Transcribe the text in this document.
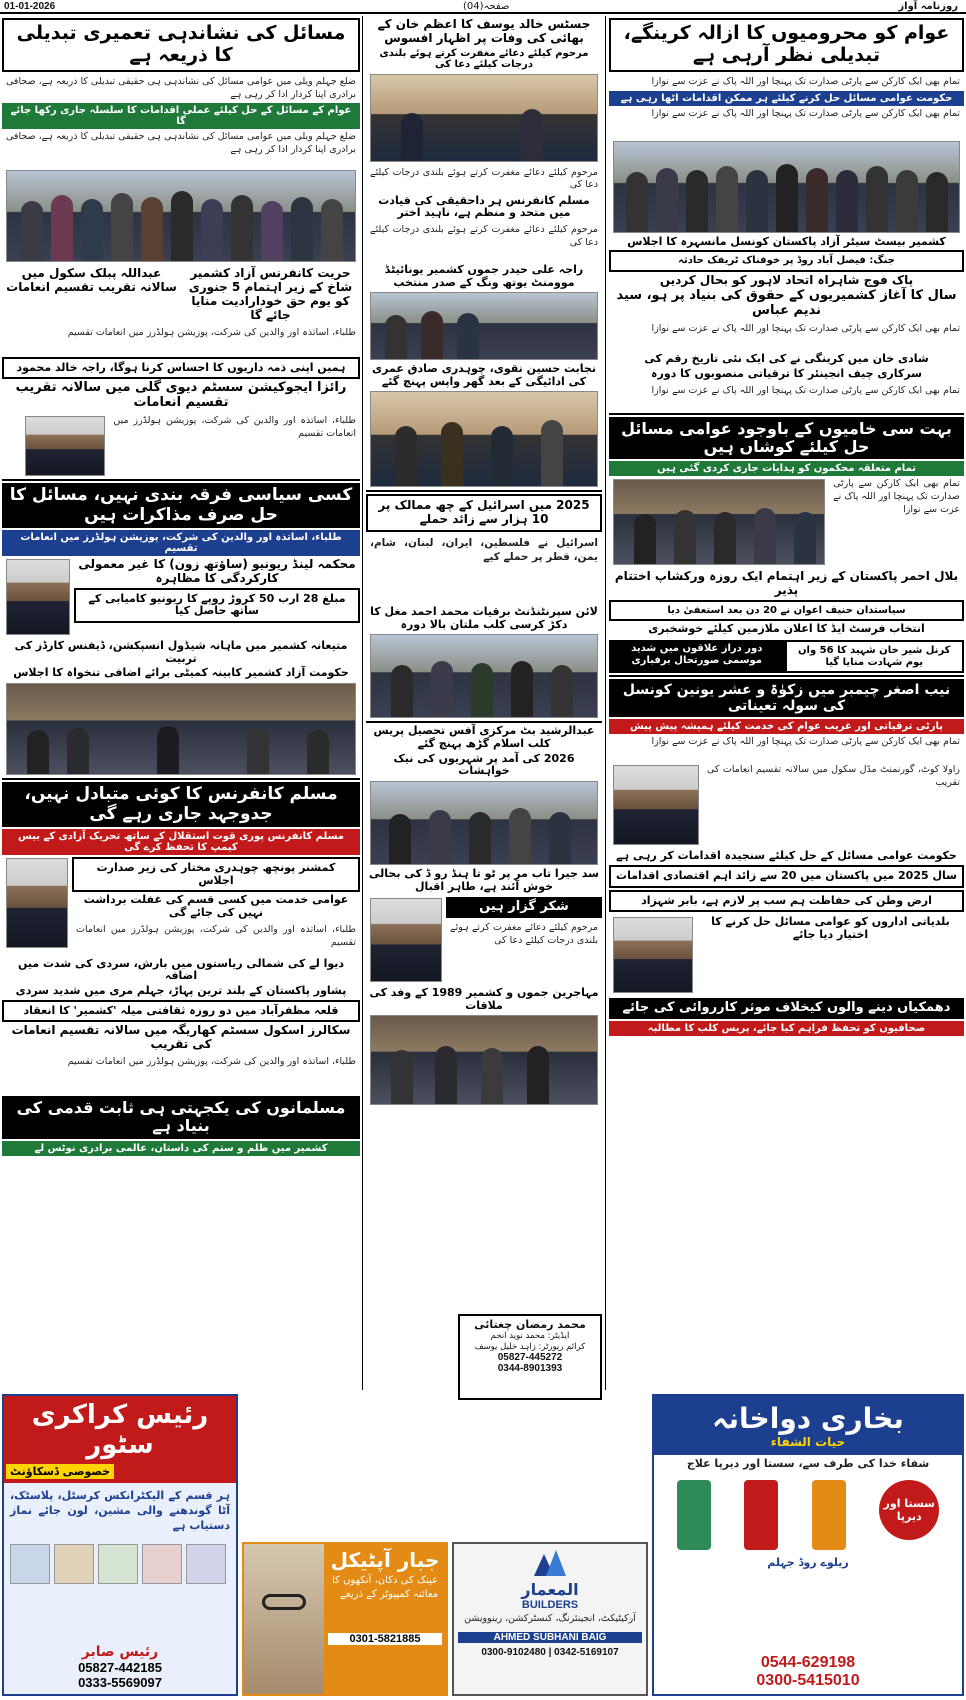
01-01-2026	صفحہ(04)	روزنامہ آواز
مسائل کی نشاندہی تعمیری تبدیلی کا ذریعہ ہے
ضلع جہلم ویلی میں عوامی مسائل کی نشاندہی ہی حقیقی تبدیلی کا ذریعہ ہے، صحافی برادری اپنا کردار ادا کر رہی ہے
عوام کے مسائل کے حل کیلئے عملی اقدامات کا سلسلہ جاری رکھا جائے گا
ضلع جہلم ویلی میں عوامی مسائل کی نشاندہی ہی حقیقی تبدیلی کا ذریعہ ہے، صحافی برادری اپنا کردار ادا کر رہی ہے
حریت کانفرنس آزاد کشمیر شاخ کے زیر اہتمام 5 جنوری کو یوم حق خودارادیت منایا جائے گا
عبداللہ پبلک سکول میں سالانہ تقریب تقسیم انعامات
طلباء، اساتذہ اور والدین کی شرکت، پوزیشن ہولڈرز میں انعامات تقسیم
ہمیں اپنی ذمہ داریوں کا احساس کرنا ہوگا، راجہ خالد محمود
رائزا ایجوکیشن سسٹم دیوی گلی میں سالانہ تقریب تقسیم انعامات
طلباء، اساتذہ اور والدین کی شرکت، پوزیشن ہولڈرز میں انعامات تقسیم
کسی سیاسی فرقہ بندی نہیں، مسائل کا حل صرف مذاکرات ہیں
طلباء، اساتذہ اور والدین کی شرکت، پوزیشن ہولڈرز میں انعامات تقسیم
محکمہ لینڈ ریونیو (ساؤتھ زون) کا غیر معمولی کارکردگی کا مظاہرہ
مبلغ 28 ارب 50 کروڑ روپے کا ریونیو کامیابی کے ساتھ حاصل کیا
متیعانہ کشمیر میں ماہانہ شیڈول انسپکشن، ڈیفنس کارڈز کی تربیت
حکومت آزاد کشمیر کابینہ کمیٹی برائے اضافی تنخواہ کا اجلاس
مسلم کانفرنس کا کوئی متبادل نہیں، جدوجہد جاری رہے گی
مسلم کانفرنس پوری قوت استقلال کے ساتھ تحریک آزادی کے بیس کیمپ کا تحفظ کرے گی
کمشنر پونچھ چوہدری مختار کی زیر صدارت اجلاس
عوامی خدمت میں کسی قسم کی غفلت برداشت نہیں کی جائے گی
طلباء، اساتذہ اور والدین کی شرکت، پوزیشن ہولڈرز میں انعامات تقسیم
دیوا لے کی شمالی ریاستوں میں بارش، سردی کی شدت میں اضافہ
پشاور پاکستان کے بلند ترین پہاڑ، جہلم مری میں شدید سردی
قلعہ مظفرآباد میں دو روزہ ثقافتی میلہ 'کشمیر' کا انعقاد
سکالرز اسکول سسٹم کھاریگہ میں سالانہ تقسیم انعامات کی تقریب
طلباء، اساتذہ اور والدین کی شرکت، پوزیشن ہولڈرز میں انعامات تقسیم
مسلمانوں کی یکجہتی ہی ثابت قدمی کی بنیاد ہے
کشمیر میں ظلم و ستم کی داستان، عالمی برادری نوٹس لے
جسٹس خالد یوسف کا اعظم خان کے بھائی کی وفات پر اظہار افسوس
مرحوم کیلئے دعائے مغفرت کرتے ہوئے بلندی درجات کیلئے دعا کی
مرحوم کیلئے دعائے مغفرت کرتے ہوئے بلندی درجات کیلئے دعا کی
مسلم کانفرنس ہر داحقیقی کی قیادت میں متحد و منظم ہے، ناہید اختر
مرحوم کیلئے دعائے مغفرت کرتے ہوئے بلندی درجات کیلئے دعا کی
راجہ علی حیدر جموں کشمیر یونائیٹڈ موومنٹ یوتھ ونگ کے صدر منتخب
نجابت حسین نقوی، چوہدری صادق عمری کی ادائیگی کے بعد گھر واپس پہنچ گئے
2025 میں اسرائیل کے چھ ممالک پر 10 ہزار سے زائد حملے
اسرائیل نے فلسطین، ایران، لبنان، شام، یمن، قطر پر حملے کیے
لائن سپرنٹنڈنٹ برقیات محمد احمد مغل کا دکڑ کرسی کلب ملتان بالا دورہ
عبدالرشید بٹ مرکزی آفس تحصیل پریس کلب اسلام گڑھ پہنچ گئے
2026 کی آمد پر شہریوں کی نیک خواہشات
سد جیرا تاب مر پر ٹو تا ہنڈ رو ڈ کی بحالی خوش آئند ہے، طاہر اقبال
شکر گزار ہیں
مرحوم کیلئے دعائے مغفرت کرتے ہوئے بلندی درجات کیلئے دعا کی
مہاجرین جموں و کشمیر 1989 کے وفد کی ملاقات
عوام کو محرومیوں کا ازالہ کرینگے، تبدیلی نظر آرہی ہے
تمام بھی ایک کارکن سے پارٹی صدارت تک پہنچا اور اللہ پاک نے عزت سے نوازا
حکومت عوامی مسائل حل کرنے کیلئے ہر ممکن اقدامات اٹھا رہی ہے
تمام بھی ایک کارکن سے پارٹی صدارت تک پہنچا اور اللہ پاک نے عزت سے نوازا
کشمیر بیسٹ سیٹر آزاد پاکستان کونسل مانسہرہ کا اجلاس
جنگ: فیصل آباد روڈ پر خوفناک ٹریفک حادثہ
پاک فوج شاہراہ اتحاد لاہور کو بحال کردیں
سال کا آغاز کشمیریوں کے حقوق کی بنیاد پر ہو، سید ندیم عباس
تمام بھی ایک کارکن سے پارٹی صدارت تک پہنچا اور اللہ پاک نے عزت سے نوازا
شادی خان میں کرینگی نے کی ایک نئی تاریخ رقم کی
سرکاری چیف انجینئر کا ترقیاتی منصوبوں کا دورہ
تمام بھی ایک کارکن سے پارٹی صدارت تک پہنچا اور اللہ پاک نے عزت سے نوازا
بہت سی خامیوں کے باوجود عوامی مسائل حل کیلئے کوشاں ہیں
تمام متعلقہ محکموں کو ہدایات جاری کردی گئی ہیں
تمام بھی ایک کارکن سے پارٹی صدارت تک پہنچا اور اللہ پاک نے عزت سے نوازا
بلال احمر پاکستان کے زیر اہتمام ایک روزہ ورکشاپ اختتام پذیر
سیاستدان حنیف اعوان نے 20 دن بعد استعفیٰ دیا
انتخاب فرسٹ ایڈ کا اعلان ملازمین کیلئے خوشخبری
کرنل شیر خان شہید کا 56 واں یوم شہادت منایا گیا
دور دراز علاقوں میں شدید موسمی صورتحال برفباری
نیب اصغر چیمبر میں زکوٰۃ و عشر یونین کونسل کی سولہ تعیناتی
پارٹی ترقیاتی اور غریب عوام کی خدمت کیلئے ہمیشہ پیش پیش
تمام بھی ایک کارکن سے پارٹی صدارت تک پہنچا اور اللہ پاک نے عزت سے نوازا
راولا کوٹ، گورنمنٹ مڈل سکول میں سالانہ تقسیم انعامات کی تقریب
حکومت عوامی مسائل کے حل کیلئے سنجیدہ اقدامات کر رہی ہے
سال 2025 میں پاکستان میں 20 سے زائد اہم اقتصادی اقدامات
ارض وطن کی حفاظت ہم سب پر لازم ہے، بابر شہزاد
بلدیاتی اداروں کو عوامی مسائل حل کرنے کا اختیار دیا جائے
دھمکیاں دینے والوں کیخلاف موثر کارروائی کی جائے
صحافیوں کو تحفظ فراہم کیا جائے، پریس کلب کا مطالبہ
محمد رمضان چغتائی
ایڈیٹر: محمد نوید انجم
کرائم رپورٹر: زاہد خلیل یوسف
05827-445272
0344-8901393
رئیس کراکری سٹور
خصوصی ڈسکاؤنٹ
ہر قسم کے الیکٹرانکس کرسٹل، پلاسٹک، آٹا گوندھنے والی مشین، لون جائے نماز دستیاب ہے
رئیس صابر
05827-442185
0333-5569097
جبار آپٹیکل
عینک کی دکان، آنکھوں کا معائنہ کمپیوٹر کے ذریعے
0301-5821885
المعمار
BUILDERS
آرکیٹیکٹ، انجینئرنگ، کنسٹرکشن، رینوویشن
AHMED SUBHANI BAIG
0300-9102480 | 0342-5169107
بخاری دواخانہ
حیات الشفاء
شفاء خدا کی طرف سے، سستا اور دیرپا علاج
سستا اور دیرپا
ریلوے روڈ جہلم
0544-629198
0300-5415010
